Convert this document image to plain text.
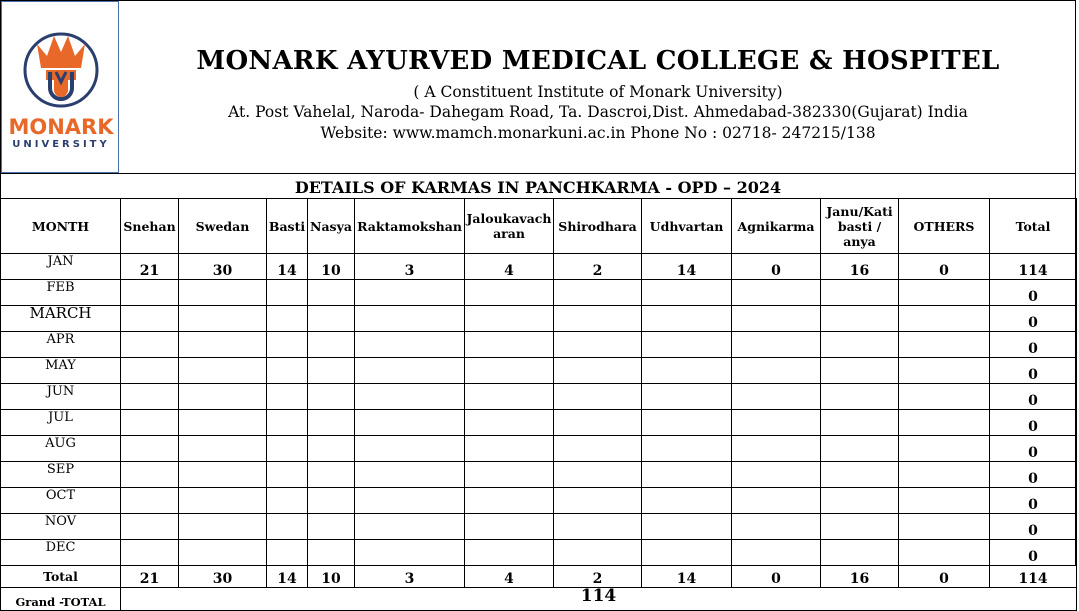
MONARK
UNIVERSITY
MONARK AYURVED MEDICAL COLLEGE & HOSPITEL
( A Constituent Institute of Monark University)
At. Post Vahelal, Naroda- Dahegam Road, Ta. Dascroi,Dist. Ahmedabad-382330(Gujarat) India
Website: www.mamch.monarkuni.ac.in Phone No : 02718- 247215/138
DETAILS OF KARMAS IN PANCHKARMA - OPD – 2024
MONTH	Snehan	Swedan	Basti	Nasya	Raktamokshan	Jaloukavach aran	Shirodhara	Udhvartan	Agnikarma	Janu/Kati basti / anya	OTHERS	Total
JAN	21	30	14	10	3	4	2	14	0	16	0	114
FEB												0
MARCH												0
APR												0
MAY												0
JUN												0
JUL												0
AUG												0
SEP												0
OCT												0
NOV												0
DEC												0
Total	21	30	14	10	3	4	2	14	0	16	0	114
Grand -TOTAL	114											
